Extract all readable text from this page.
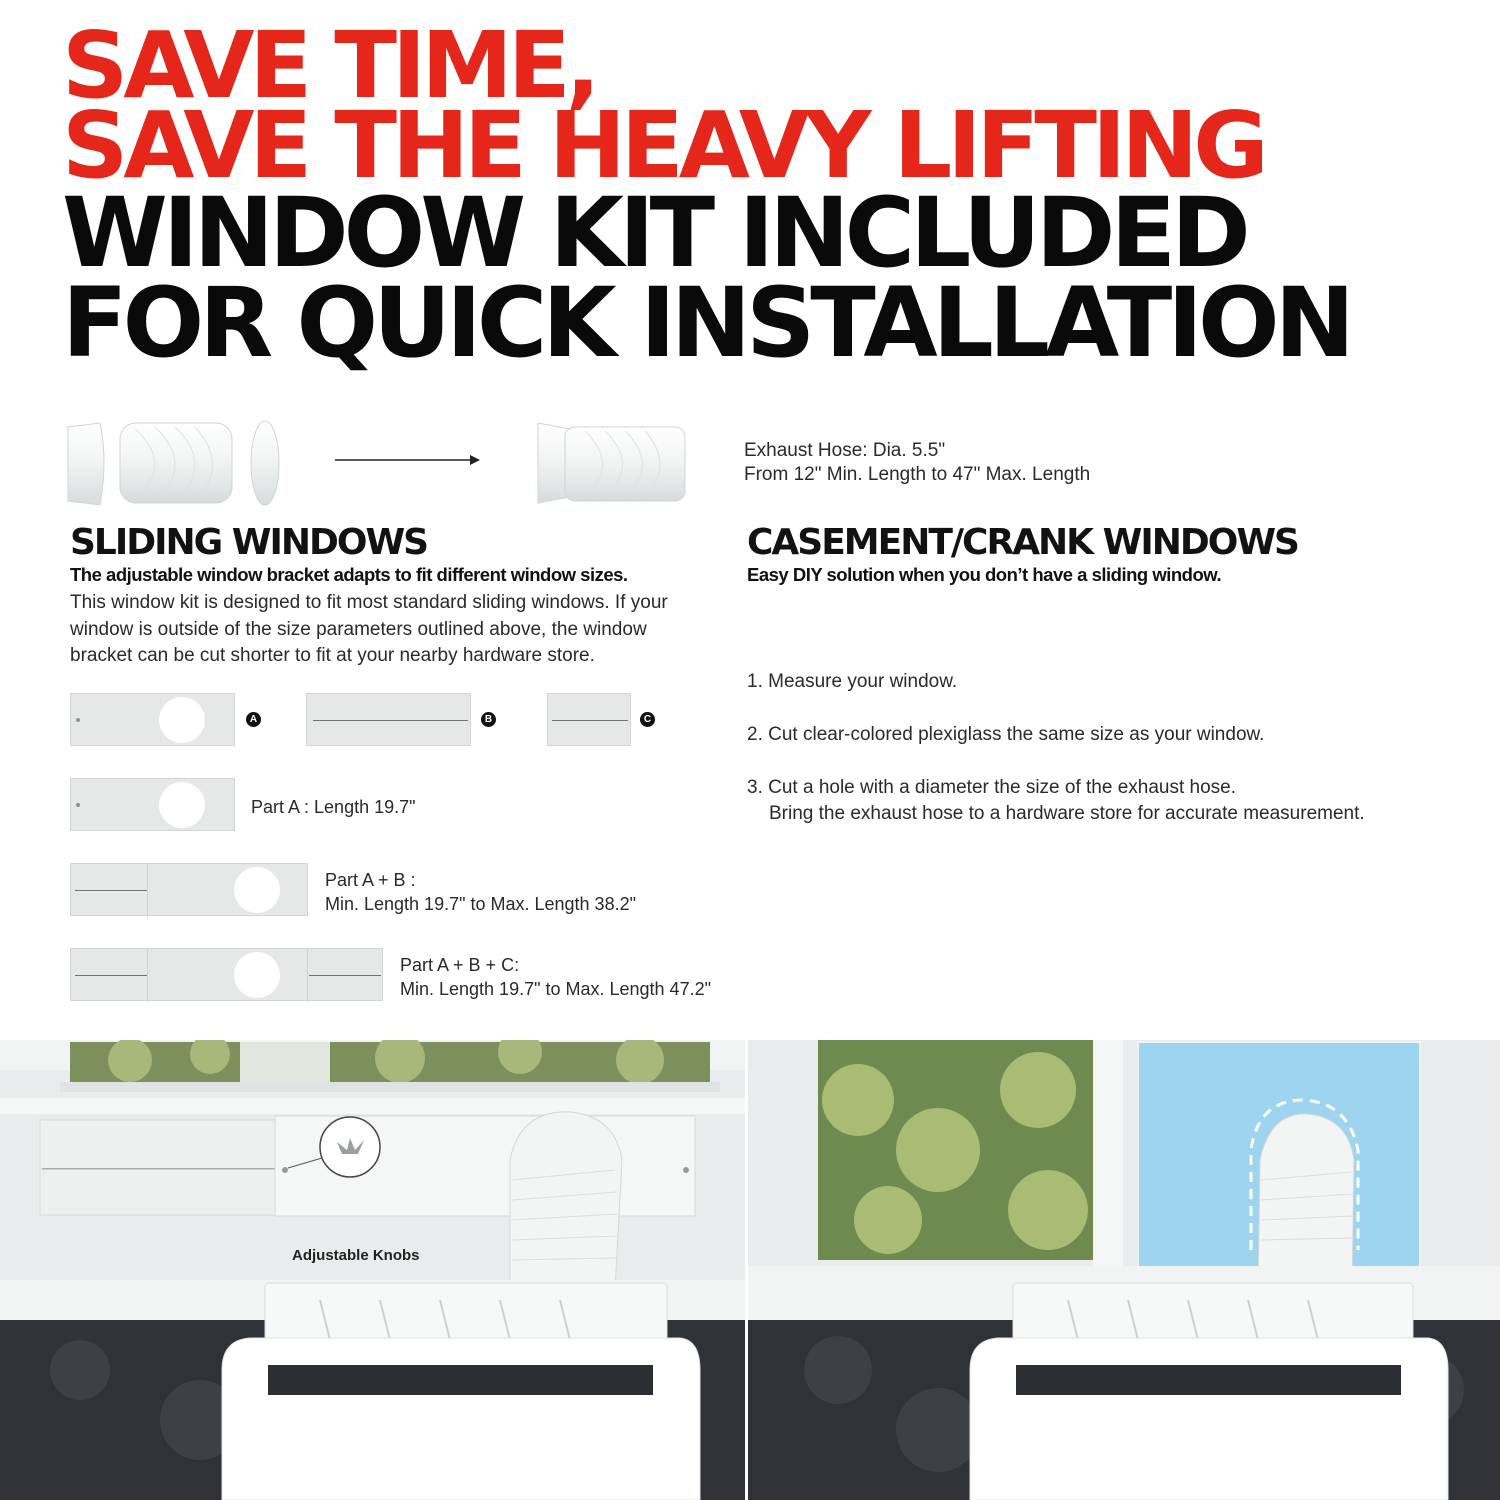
SAVE TIME,
SAVE THE HEAVY LIFTING
WINDOW KIT INCLUDED
FOR QUICK INSTALLATION
Exhaust Hose: Dia. 5.5"
From 12" Min. Length to 47" Max. Length
SLIDING WINDOWS
The adjustable window bracket adapts to fit different window sizes.
This window kit is designed to fit most standard sliding windows. If your
window is outside of the size parameters outlined above, the window
bracket can be cut shorter to fit at your nearby hardware store.
A	B	C
Part A : Length 19.7"
Part A + B :
Min. Length 19.7" to Max. Length 38.2"
Part A + B + C:
Min. Length 19.7" to Max. Length 47.2"
CASEMENT/CRANK WINDOWS
Easy DIY solution when you don’t have a sliding window.
1. Measure your window.
2. Cut clear-colored plexiglass the same size as your window.
3. Cut a hole with a diameter the size of the exhaust hose.
Bring the exhaust hose to a hardware store for accurate measurement.
Adjustable Knobs
